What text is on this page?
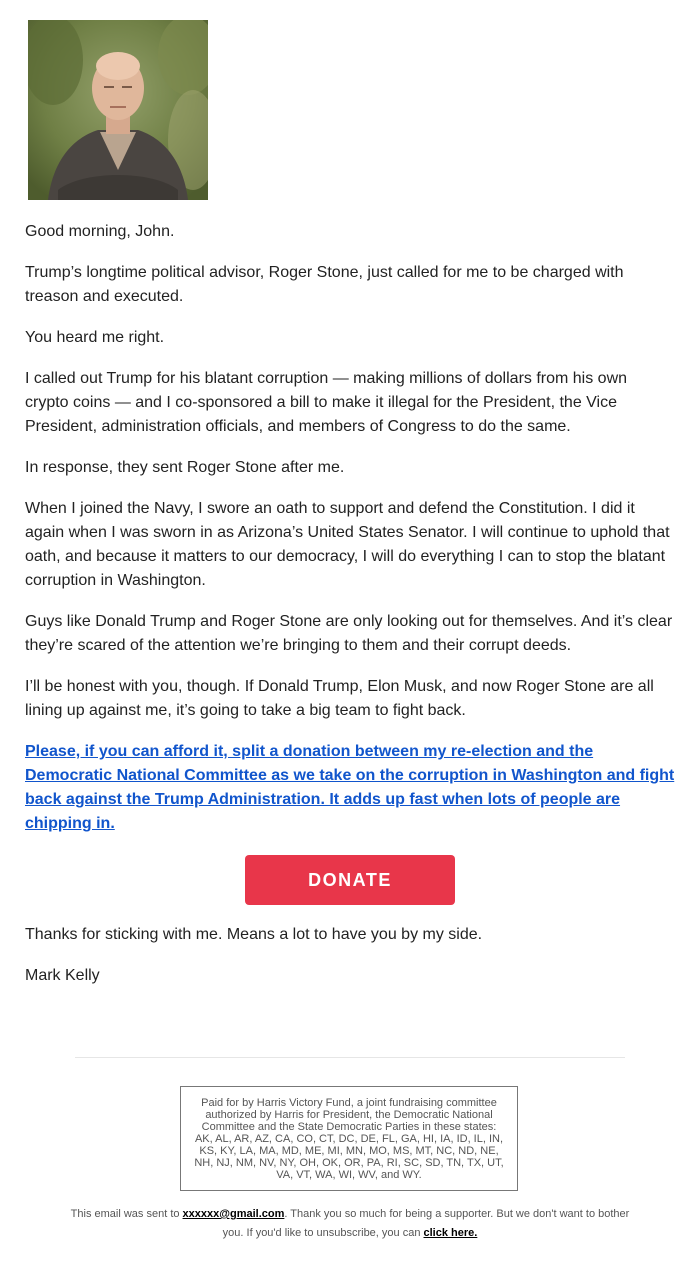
Good morning, John.

Trump’s longtime political advisor, Roger Stone, just called for me to be charged with treason and executed.

You heard me right.

I called out Trump for his blatant corruption — making millions of dollars from his own crypto coins — and I co-sponsored a bill to make it illegal for the President, the Vice President, administration officials, and members of Congress to do the same.

In response, they sent Roger Stone after me.

When I joined the Navy, I swore an oath to support and defend the Constitution. I did it again when I was sworn in as Arizona’s United States Senator. I will continue to uphold that oath, and because it matters to our democracy, I will do everything I can to stop the blatant corruption in Washington.

Guys like Donald Trump and Roger Stone are only looking out for themselves. And it’s clear they’re scared of the attention we’re bringing to them and their corrupt deeds.

I’ll be honest with you, though. If Donald Trump, Elon Musk, and now Roger Stone are all lining up against me, it’s going to take a big team to fight back.

Please, if you can afford it, split a donation between my re-election and the Democratic National Committee as we take on the corruption in Washington and fight back against the Trump Administration. It adds up fast when lots of people are chipping in.

DONATE

Thanks for sticking with me. Means a lot to have you by my side.

Mark Kelly

Paid for by Harris Victory Fund, a joint fundraising committee authorized by Harris for President, the Democratic National Committee and the State Democratic Parties in these states: AK, AL, AR, AZ, CA, CO, CT, DC, DE, FL, GA, HI, IA, ID, IL, IN, KS, KY, LA, MA, MD, ME, MI, MN, MO, MS, MT, NC, ND, NE, NH, NJ, NM, NV, NY, OH, OK, OR, PA, RI, SC, SD, TN, TX, UT, VA, VT, WA, WI, WV, and WY.
This email was sent to xxxxxx@gmail.com. Thank you so much for being a supporter. But we don't want to bother you. If you'd like to unsubscribe, you can click here.
